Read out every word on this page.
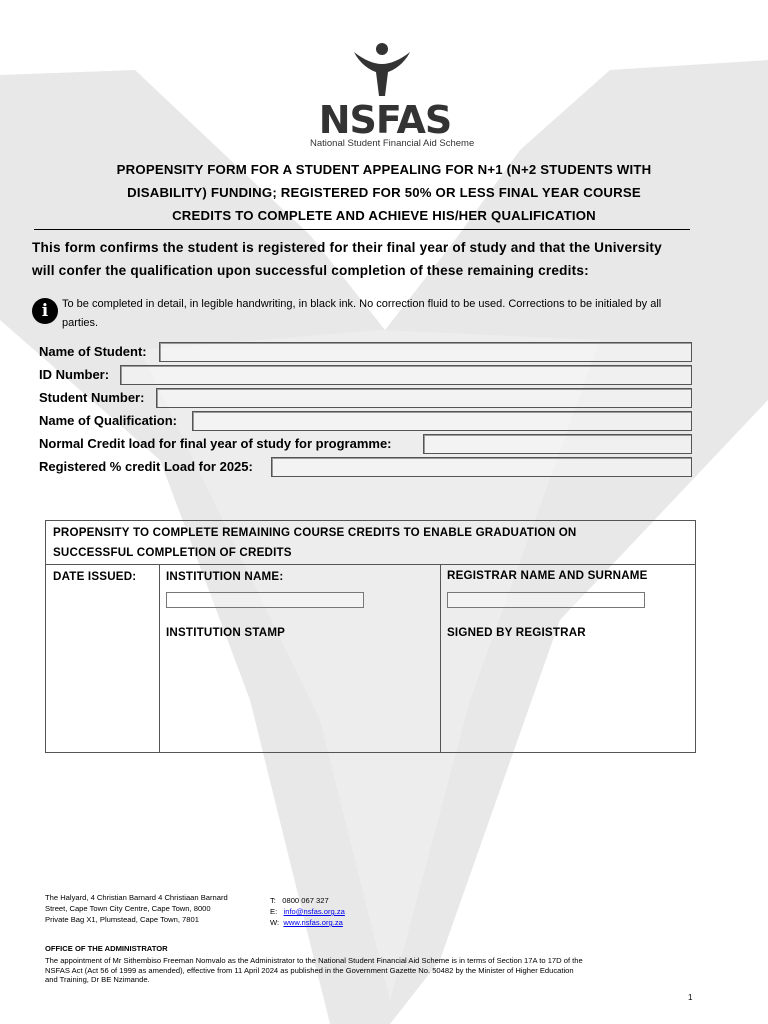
NSFAS
National Student Financial Aid Scheme
PROPENSITY FORM FOR A STUDENT APPEALING FOR N+1 (N+2 STUDENTS WITH
DISABILITY) FUNDING; REGISTERED FOR 50% OR LESS FINAL YEAR COURSE
CREDITS TO COMPLETE AND ACHIEVE HIS/HER QUALIFICATION
This form confirms the student is registered for their final year of study and that the University
will confer the qualification upon successful completion of these remaining credits:
i	To be completed in detail, in legible handwriting, in black ink. No correction fluid to be used. Corrections to be initialed by all
parties.
Name of Student:
ID Number:
Student Number:
Name of Qualification:
Normal Credit load for final year of study for programme:
Registered % credit Load for 2025:
PROPENSITY TO COMPLETE REMAINING COURSE CREDITS TO ENABLE GRADUATION ON
SUCCESSFUL COMPLETION OF CREDITS
DATE ISSUED:	INSTITUTION NAME:
INSTITUTION STAMP
REGISTRAR NAME AND SURNAME
SIGNED BY REGISTRAR
The Halyard, 4 Christian Barnard 4 Christiaan Barnard
Street, Cape Town City Centre, Cape Town, 8000
Private Bag X1, Plumstead, Cape Town, 7801
T: 0800 067 327
E: info@nsfas.org.za
W: www.nsfas.org.za
OFFICE OF THE ADMINISTRATOR
The appointment of Mr Sithembiso Freeman Nomvalo as the Administrator to the National Student Financial Aid Scheme is in terms of Section 17A to 17D of the
NSFAS Act (Act 56 of 1999 as amended), effective from 11 April 2024 as published in the Government Gazette No. 50482 by the Minister of Higher Education
and Training, Dr BE Nzimande.
1
